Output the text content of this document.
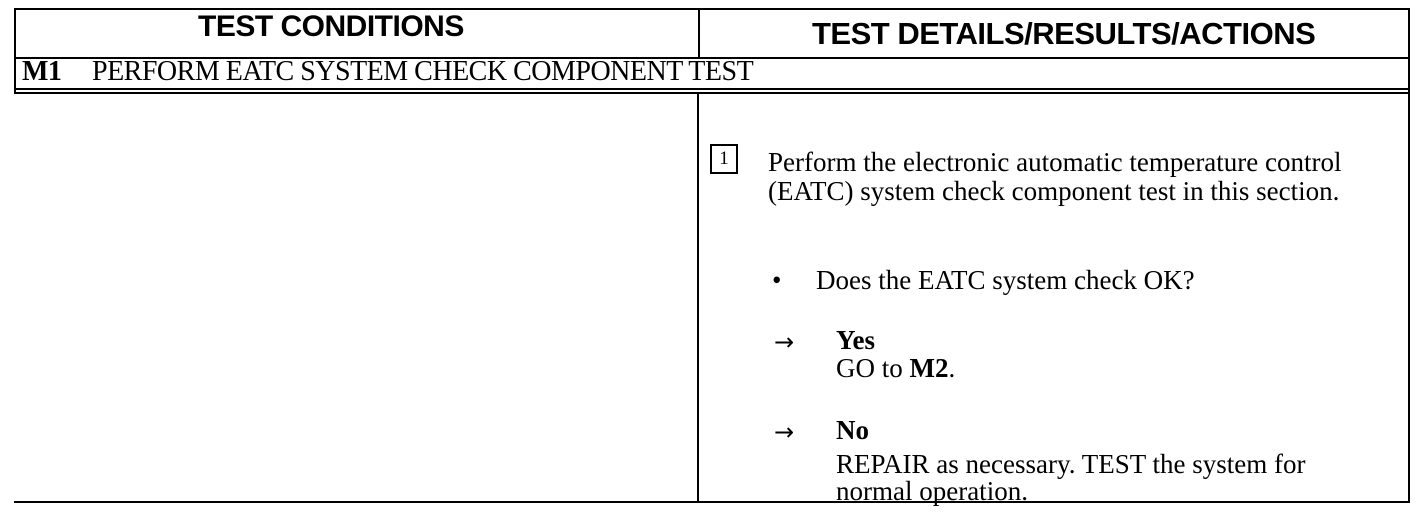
TEST CONDITIONS	TEST DETAILS/RESULTS/ACTIONS
M1 PERFORM EATC SYSTEM CHECK COMPONENT TEST
1	Perform the electronic automatic temperature control (EATC) system check component test in this section.
• Does the EATC system check OK?
→ Yes
GO to M2.
→ No
REPAIR as necessary. TEST the system for
normal operation.
